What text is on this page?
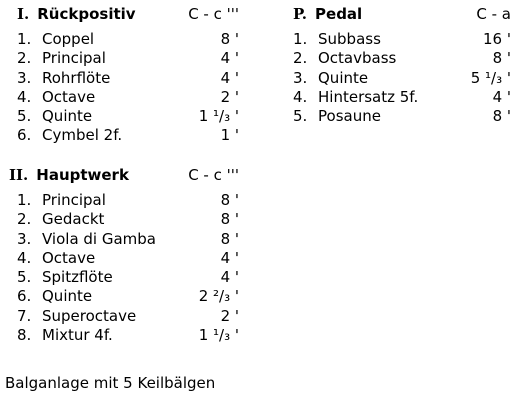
I. Rückpositiv	C - c '''
1. Coppel	8 '
2. Principal	4 '
3. Rohrflöte	4 '
4. Octave	2 '
5. Quinte	1 ¹/₃ '
6. Cymbel 2f.	1 '
II. Hauptwerk	C - c '''
1. Principal	8 '
2. Gedackt	8 '
3. Viola di Gamba	8 '
4. Octave	4 '
5. Spitzflöte	4 '
6. Quinte	2 ²/₃ '
7. Superoctave	2 '
8. Mixtur 4f.	1 ¹/₃ '
P. Pedal	C - a
1. Subbass	16 '
2. Octavbass	8 '
3. Quinte	5 ¹/₃ '
4. Hintersatz 5f.	4 '
5. Posaune	8 '
Balganlage mit 5 Keilbälgen
